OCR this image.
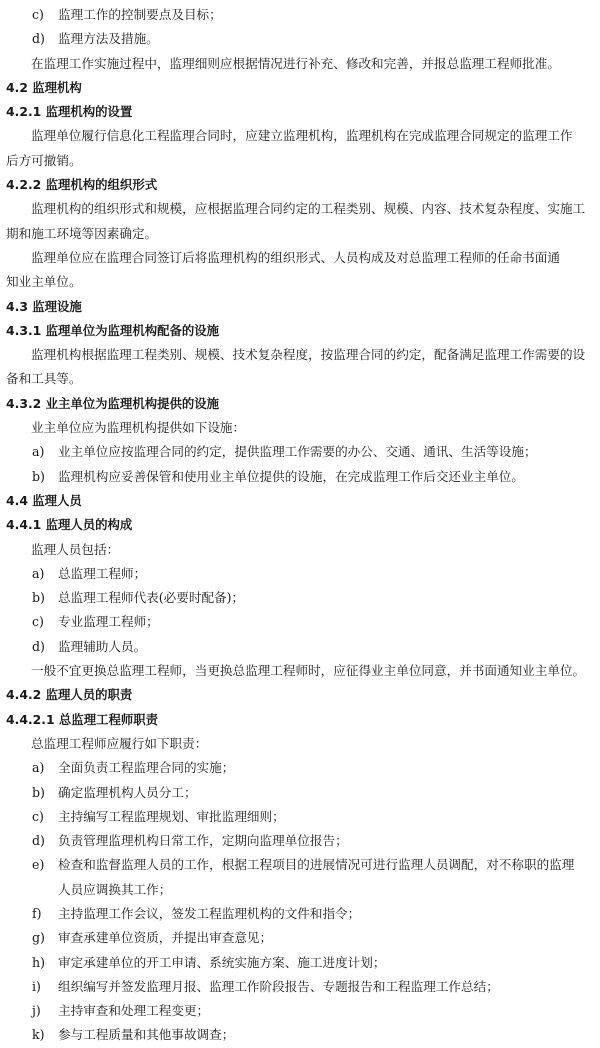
c) 监理工作的控制要点及目标；
d) 监理方法及措施。
在监理工作实施过程中，监理细则应根据情况进行补充、修改和完善，并报总监理工程师批准。
4.2 监理机构
4.2.1 监理机构的设置
监理单位履行信息化工程监理合同时，应建立监理机构，监理机构在完成监理合同规定的监理工作
后方可撤销。
4.2.2 监理机构的组织形式
监理机构的组织形式和规模，应根据监理合同约定的工程类别、规模、内容、技术复杂程度、实施工
期和施工环境等因素确定。
监理单位应在监理合同签订后将监理机构的组织形式、人员构成及对总监理工程师的任命书面通
知业主单位。
4.3 监理设施
4.3.1 监理单位为监理机构配备的设施
监理机构根据监理工程类别、规模、技术复杂程度，按监理合同的约定，配备满足监理工作需要的设
备和工具等。
4.3.2 业主单位为监理机构提供的设施
业主单位应为监理机构提供如下设施：
a) 业主单位应按监理合同的约定，提供监理工作需要的办公、交通、通讯、生活等设施；
b) 监理机构应妥善保管和使用业主单位提供的设施，在完成监理工作后交还业主单位。
4.4 监理人员
4.4.1 监理人员的构成
监理人员包括：
a) 总监理工程师；
b) 总监理工程师代表(必要时配备)；
c) 专业监理工程师；
d) 监理辅助人员。
一般不宜更换总监理工程师，当更换总监理工程师时，应征得业主单位同意，并书面通知业主单位。
4.4.2 监理人员的职责
4.4.2.1 总监理工程师职责
总监理工程师应履行如下职责：
a) 全面负责工程监理合同的实施；
b) 确定监理机构人员分工；
c) 主持编写工程监理规划、审批监理细则；
d) 负责管理监理机构日常工作，定期向监理单位报告；
e) 检查和监督监理人员的工作，根据工程项目的进展情况可进行监理人员调配，对不称职的监理
人员应调换其工作；
f) 主持监理工作会议，签发工程监理机构的文件和指令；
g) 审查承建单位资质，并提出审查意见；
h) 审定承建单位的开工申请、系统实施方案、施工进度计划；
i) 组织编写并签发监理月报、监理工作阶段报告、专题报告和工程监理工作总结；
j) 主持审查和处理工程变更；
k) 参与工程质量和其他事故调查；
